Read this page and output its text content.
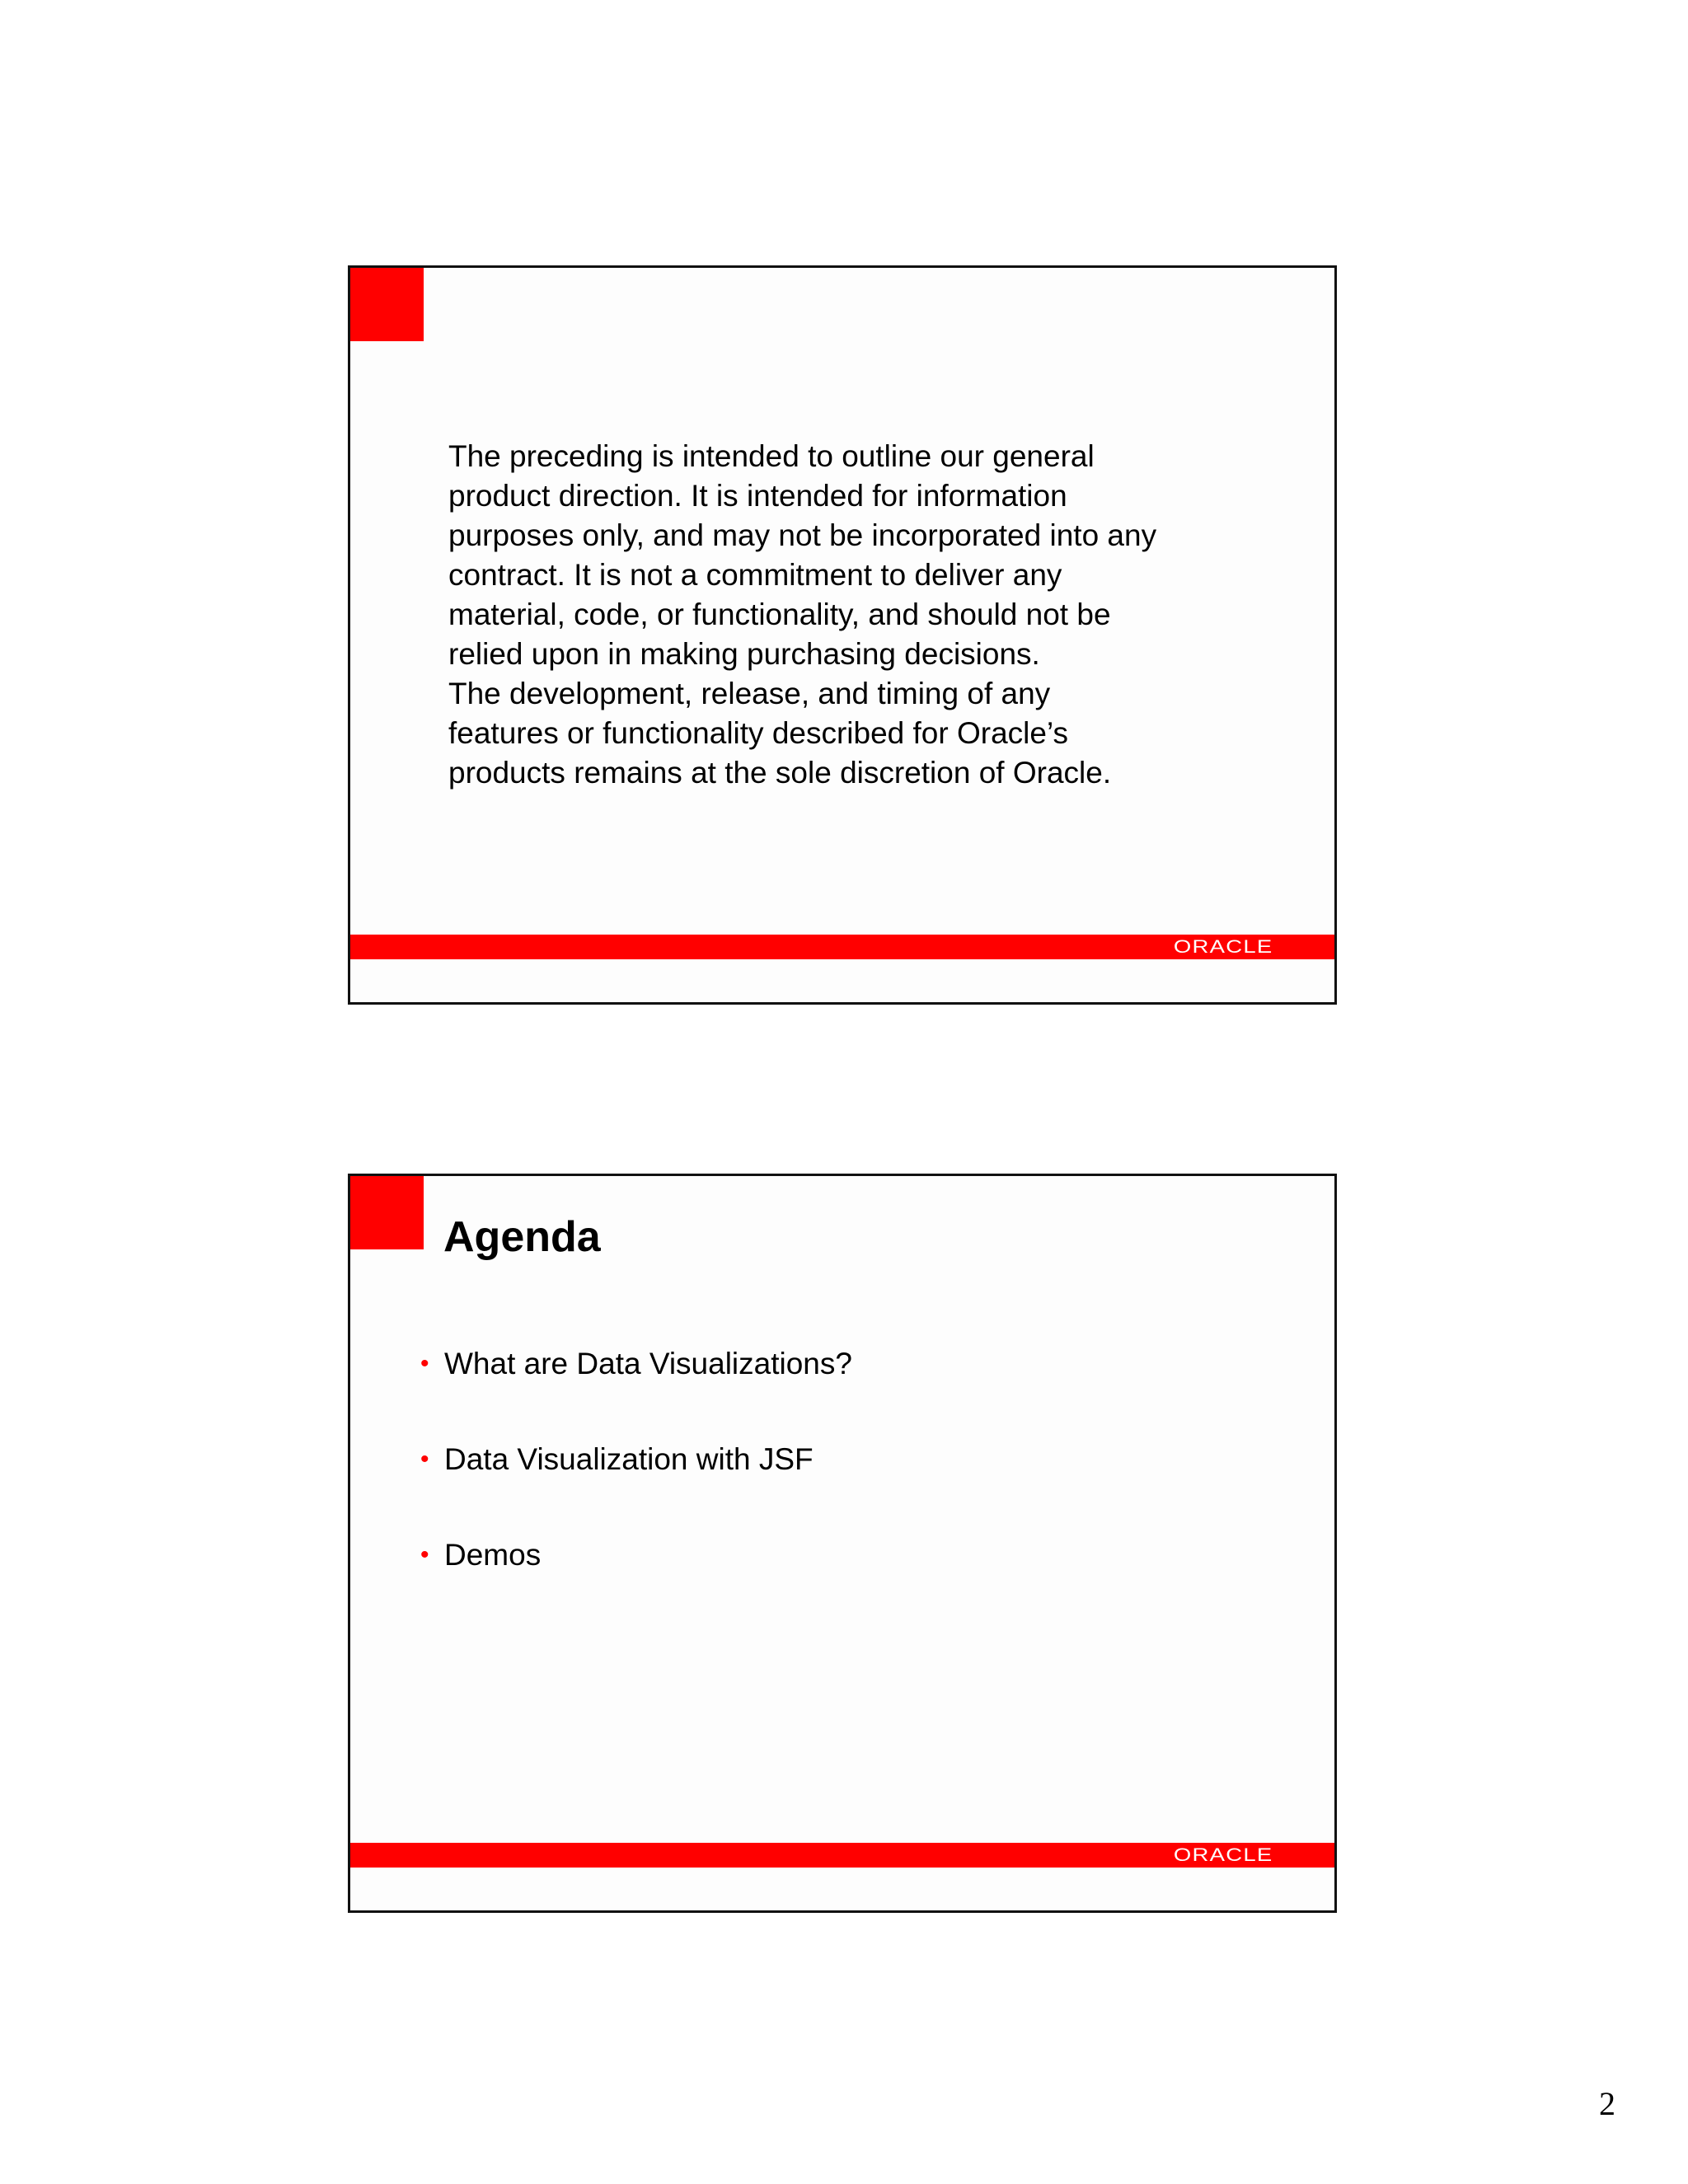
The preceding is intended to outline our general
product direction. It is intended for information
purposes only, and may not be incorporated into any
contract. It is not a commitment to deliver any
material, code, or functionality, and should not be
relied upon in making purchasing decisions.
The development, release, and timing of any
features or functionality described for Oracle’s
products remains at the sole discretion of Oracle.
ORACLE
Agenda
• What are Data Visualizations?
• Data Visualization with JSF
• Demos
ORACLE
2
